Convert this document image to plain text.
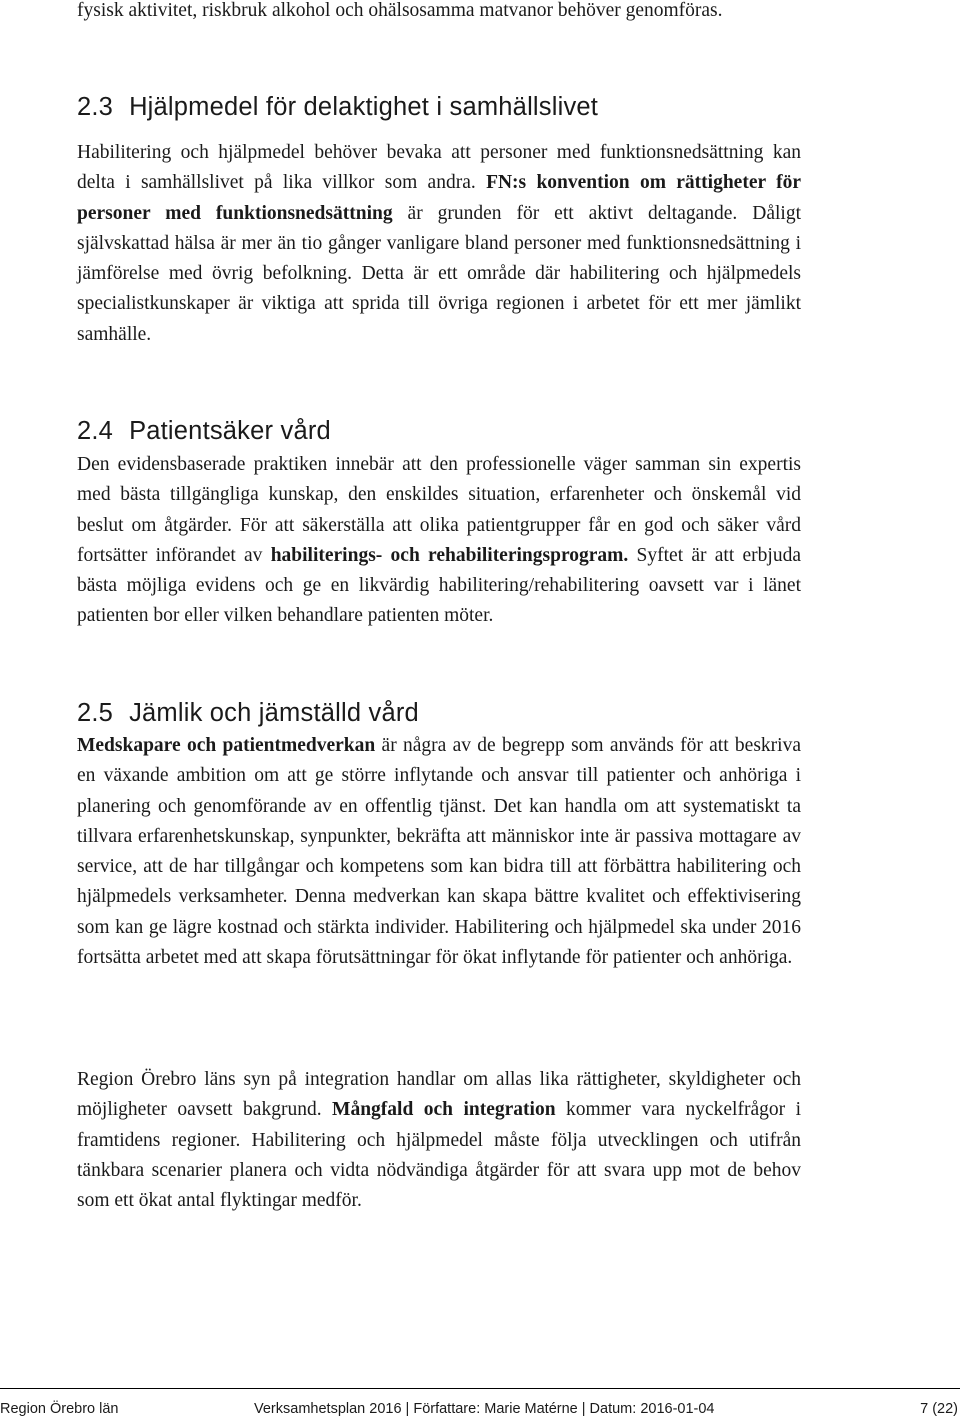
fysisk aktivitet, riskbruk alkohol och ohälsosamma matvanor behöver genomföras.

2.3 Hjälpmedel för delaktighet i samhällslivet

Habilitering och hjälpmedel behöver bevaka att personer med funktionsnedsättning kan delta i samhällslivet på lika villkor som andra. FN:s konvention om rättigheter för personer med funktionsnedsättning är grunden för ett aktivt deltagande. Dåligt självskattad hälsa är mer än tio gånger vanligare bland personer med funktionsnedsättning i jämförelse med övrig befolkning. Detta är ett område där habilitering och hjälpmedels specialistkunskaper är viktiga att sprida till övriga regionen i arbetet för ett mer jämlikt samhälle.

2.4 Patientsäker vård

Den evidensbaserade praktiken innebär att den professionelle väger samman sin expertis med bästa tillgängliga kunskap, den enskildes situation, erfarenheter och önskemål vid beslut om åtgärder. För att säkerställa att olika patientgrupper får en god och säker vård fortsätter införandet av habiliterings- och rehabiliteringsprogram. Syftet är att erbjuda bästa möjliga evidens och ge en likvärdig habilitering/rehabilitering oavsett var i länet patienten bor eller vilken behandlare patienten möter.

2.5 Jämlik och jämställd vård

Medskapare och patientmedverkan är några av de begrepp som används för att beskriva en växande ambition om att ge större inflytande och ansvar till patienter och anhöriga i planering och genomförande av en offentlig tjänst. Det kan handla om att systematiskt ta tillvara erfarenhetskunskap, synpunkter, bekräfta att människor inte är passiva mottagare av service, att de har tillgångar och kompetens som kan bidra till att förbättra habilitering och hjälpmedels verksamheter. Denna medverkan kan skapa bättre kvalitet och effektivisering som kan ge lägre kostnad och stärkta individer. Habilitering och hjälpmedel ska under 2016 fortsätta arbetet med att skapa förutsättningar för ökat inflytande för patienter och anhöriga.

Region Örebro läns syn på integration handlar om allas lika rättigheter, skyldigheter och möjligheter oavsett bakgrund. Mångfald och integration kommer vara nyckelfrågor i framtidens regioner. Habilitering och hjälpmedel måste följa utvecklingen och utifrån tänkbara scenarier planera och vidta nödvändiga åtgärder för att svara upp mot de behov som ett ökat antal flyktingar medför.

Region Örebro län	Verksamhetsplan 2016 | Författare: Marie Matérne | Datum: 2016-01-04	7 (22)
